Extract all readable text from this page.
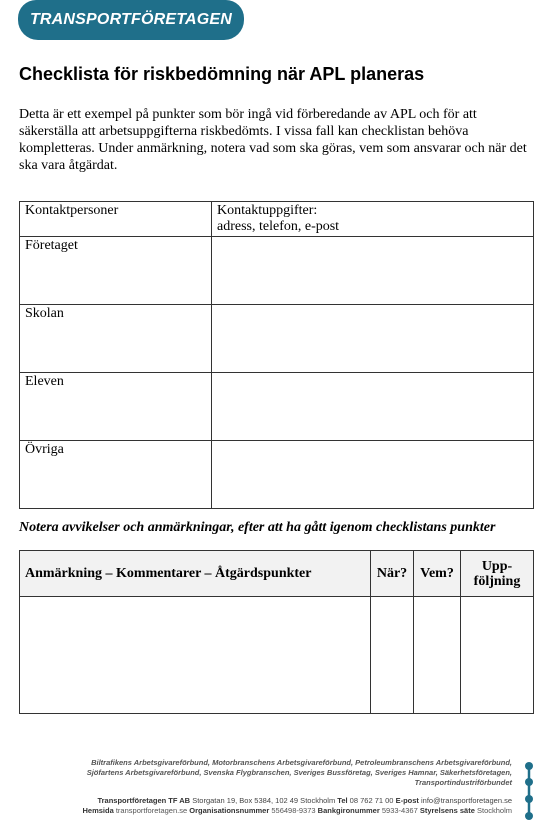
TRANSPORTFÖRETAGEN
Checklista för riskbedömning när APL planeras

Detta är ett exempel på punkter som bör ingå vid förberedande av APL och för att säkerställa att arbetsuppgifterna riskbedömts. I vissa fall kan checklistan behöva kompletteras. Under anmärkning, notera vad som ska göras, vem som ansvarar och när det ska vara åtgärdat.

Kontaktpersoner	Kontaktuppgifter:
adress, telefon, e-post

Företaget	
Skolan	
Eleven	
Övriga	

Notera avvikelser och anmärkningar, efter att ha gått igenom checklistans punkter

Anmärkning – Kommentarer – Åtgärdspunkter	När?	Vem?	Upp-
följning

Biltrafikens Arbetsgivareförbund, Motorbranschens Arbetsgivareförbund, Petroleumbranschens Arbetsgivareförbund,
Sjöfartens Arbetsgivareförbund, Svenska Flygbranschen, Sveriges Bussföretag, Sveriges Hamnar, Säkerhetsföretagen, Transportindustriförbundet
Transportföretagen TF AB Storgatan 19, Box 5384, 102 49 Stockholm Tel 08 762 71 00 E-post info@transportforetagen.se
Hemsida transportforetagen.se Organisationsnummer 556498-9373 Bankgironummer 5933-4367 Styrelsens säte Stockholm
